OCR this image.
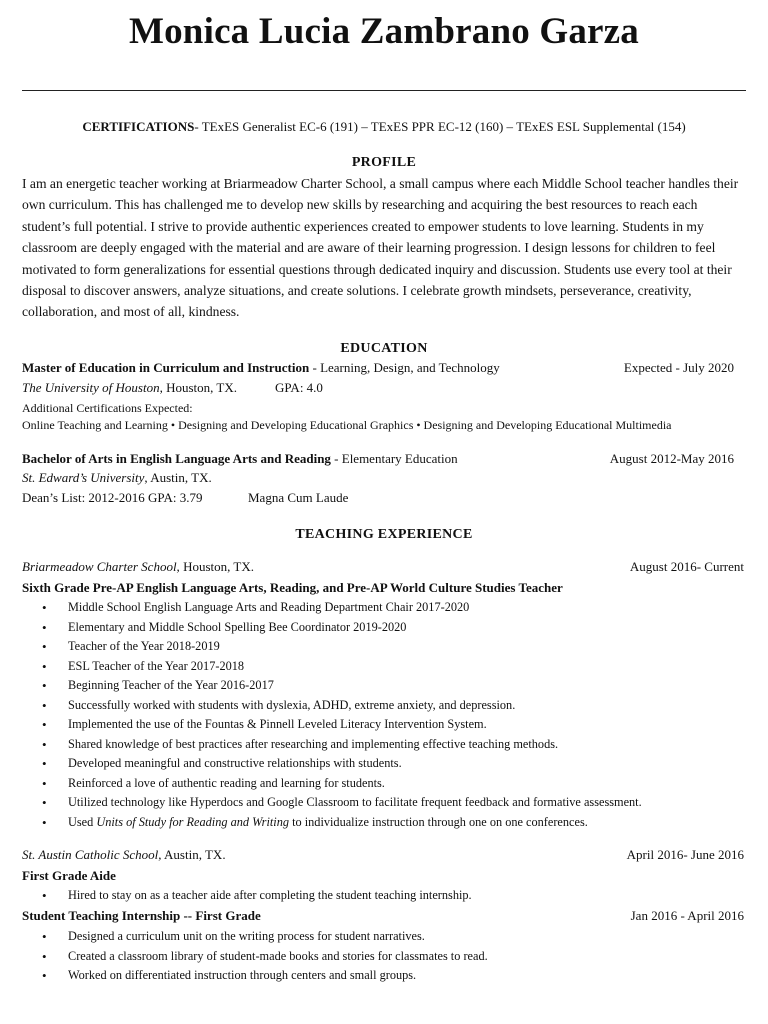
Monica Lucia Zambrano Garza
CERTIFICATIONS- TExES Generalist EC-6 (191) – TExES PPR EC-12 (160) – TExES ESL Supplemental (154)
PROFILE
I am an energetic teacher working at Briarmeadow Charter School, a small campus where each Middle School teacher handles their own curriculum. This has challenged me to develop new skills by researching and acquiring the best resources to reach each student’s full potential. I strive to provide authentic experiences created to empower students to love learning. Students in my classroom are deeply engaged with the material and are aware of their learning progression. I design lessons for children to feel motivated to form generalizations for essential questions through dedicated inquiry and discussion. Students use every tool at their disposal to discover answers, analyze situations, and create solutions. I celebrate growth mindsets, perseverance, creativity, collaboration, and most of all, kindness.
EDUCATION
Master of Education in Curriculum and Instruction - Learning, Design, and Technology	Expected - July 2020
The University of Houston, Houston, TX.	GPA: 4.0
Additional Certifications Expected:
Online Teaching and Learning • Designing and Developing Educational Graphics • Designing and Developing Educational Multimedia
Bachelor of Arts in English Language Arts and Reading - Elementary Education	August 2012-May 2016
St. Edward’s University, Austin, TX.
Dean’s List: 2012-2016 GPA: 3.79	Magna Cum Laude
TEACHING EXPERIENCE
Briarmeadow Charter School, Houston, TX.	August 2016- Current
Sixth Grade Pre-AP English Language Arts, Reading, and Pre-AP World Culture Studies Teacher
• Middle School English Language Arts and Reading Department Chair 2017-2020
• Elementary and Middle School Spelling Bee Coordinator 2019-2020
• Teacher of the Year 2018-2019
• ESL Teacher of the Year 2017-2018
• Beginning Teacher of the Year 2016-2017
• Successfully worked with students with dyslexia, ADHD, extreme anxiety, and depression.
• Implemented the use of the Fountas & Pinnell Leveled Literacy Intervention System.
• Shared knowledge of best practices after researching and implementing effective teaching methods.
• Developed meaningful and constructive relationships with students.
• Reinforced a love of authentic reading and learning for students.
• Utilized technology like Hyperdocs and Google Classroom to facilitate frequent feedback and formative assessment.
• Used Units of Study for Reading and Writing to individualize instruction through one on one conferences.
St. Austin Catholic School, Austin, TX.	April 2016- June 2016
First Grade Aide
• Hired to stay on as a teacher aide after completing the student teaching internship.
Student Teaching Internship -- First Grade	Jan 2016 - April 2016
• Designed a curriculum unit on the writing process for student narratives.
• Created a classroom library of student-made books and stories for classmates to read.
• Worked on differentiated instruction through centers and small groups.
